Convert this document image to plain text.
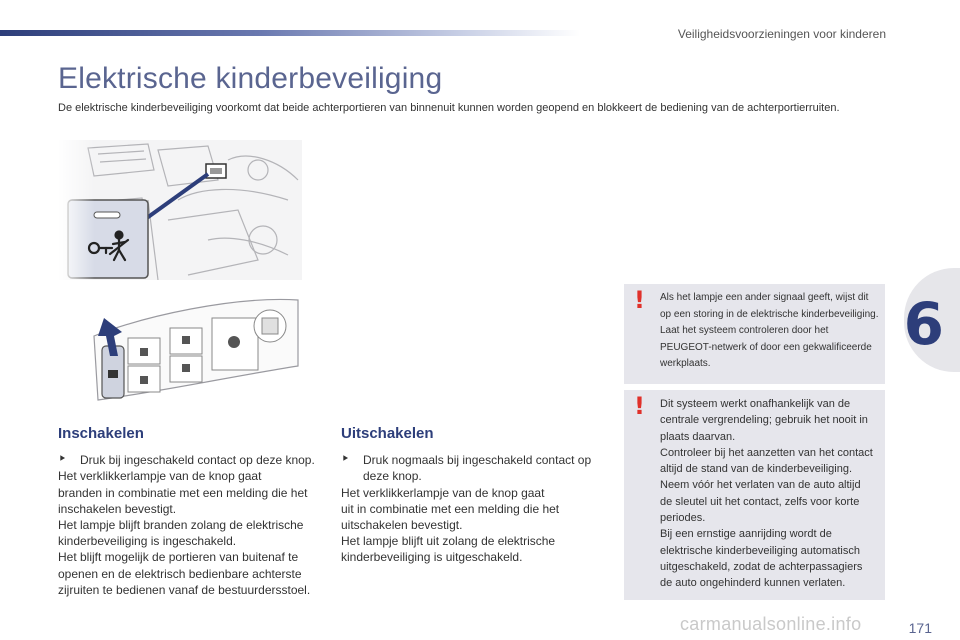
Veiligheidsvoorzieningen voor kinderen
Elektrische kinderbeveiliging

De elektrische kinderbeveiliging voorkomt dat beide achterportieren van binnenuit kunnen worden geopend en blokkeert de bediening van de achterportierruiten.

6
Inschakelen
⯈ Druk bij ingeschakeld contact op deze knop.
Het verklikkerlampje van de knop gaat
branden in combinatie met een melding die het
inschakelen bevestigt.
Het lampje blijft branden zolang de elektrische
kinderbeveiliging is ingeschakeld.
Het blijft mogelijk de portieren van buitenaf te
openen en de elektrisch bedienbare achterste
zijruiten te bedienen vanaf de bestuurdersstoel.
Uitschakelen
⯈ Druk nogmaals bij ingeschakeld contact op deze knop.
Het verklikkerlampje van de knop gaat
uit in combinatie met een melding die het
uitschakelen bevestigt.
Het lampje blijft uit zolang de elektrische
kinderbeveiliging is uitgeschakeld.
! Als het lampje een ander signaal geeft, wijst dit
op een storing in de elektrische kinderbeveiliging.
Laat het systeem controleren door het
PEUGEOT-netwerk of door een gekwalificeerde
werkplaats.
! Dit systeem werkt onafhankelijk van de
centrale vergrendeling; gebruik het nooit in
plaats daarvan.
Controleer bij het aanzetten van het contact
altijd de stand van de kinderbeveiliging.
Neem vóór het verlaten van de auto altijd
de sleutel uit het contact, zelfs voor korte
periodes.
Bij een ernstige aanrijding wordt de
elektrische kinderbeveiliging automatisch
uitgeschakeld, zodat de achterpassagiers
de auto ongehinderd kunnen verlaten.
carmanualsonline.info	171
